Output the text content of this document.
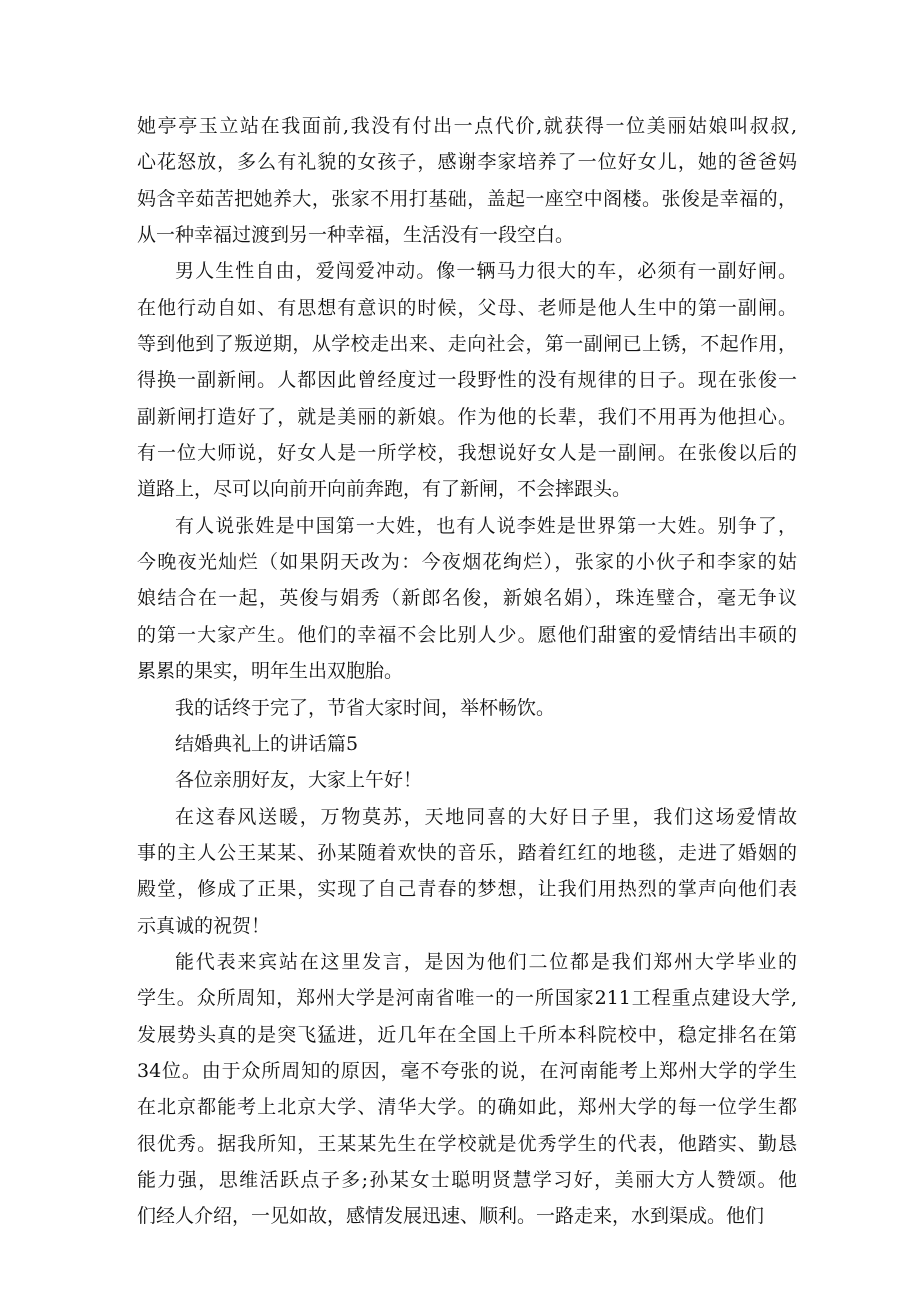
她亭亭玉立站在我面前,我没有付出一点代价,就获得一位美丽姑娘叫叔叔,
心花怒放，多么有礼貌的女孩子，感谢李家培养了一位好女儿，她的爸爸妈
妈含辛茹苦把她养大，张家不用打基础，盖起一座空中阁楼。张俊是幸福的，
从一种幸福过渡到另一种幸福，生活没有一段空白。
男人生性自由，爱闯爱冲动。像一辆马力很大的车，必须有一副好闸。
在他行动自如、有思想有意识的时候，父母、老师是他人生中的第一副闸。
等到他到了叛逆期，从学校走出来、走向社会，第一副闸已上锈，不起作用，
得换一副新闸。人都因此曾经度过一段野性的没有规律的日子。现在张俊一
副新闸打造好了，就是美丽的新娘。作为他的长辈，我们不用再为他担心。
有一位大师说，好女人是一所学校，我想说好女人是一副闸。在张俊以后的
道路上，尽可以向前开向前奔跑，有了新闸，不会摔跟头。
有人说张姓是中国第一大姓，也有人说李姓是世界第一大姓。别争了，
今晚夜光灿烂（如果阴天改为：今夜烟花绚烂），张家的小伙子和李家的姑
娘结合在一起，英俊与娟秀（新郎名俊，新娘名娟），珠连璧合，毫无争议
的第一大家产生。他们的幸福不会比别人少。愿他们甜蜜的爱情结出丰硕的
累累的果实，明年生出双胞胎。
我的话终于完了，节省大家时间，举杯畅饮。
结婚典礼上的讲话篇5
各位亲朋好友，大家上午好！
在这春风送暖，万物莫苏，天地同喜的大好日子里，我们这场爱情故
事的主人公王某某、孙某随着欢快的音乐，踏着红红的地毯，走进了婚姻的
殿堂，修成了正果，实现了自己青春的梦想，让我们用热烈的掌声向他们表
示真诚的祝贺！
能代表来宾站在这里发言，是因为他们二位都是我们郑州大学毕业的
学生。众所周知，郑州大学是河南省唯一的一所国家211工程重点建设大学,
发展势头真的是突飞猛进，近几年在全国上千所本科院校中，稳定排名在第
34位。由于众所周知的原因，毫不夸张的说，在河南能考上郑州大学的学生
在北京都能考上北京大学、清华大学。的确如此，郑州大学的每一位学生都
很优秀。据我所知，王某某先生在学校就是优秀学生的代表，他踏实、勤恳
能力强，思维活跃点子多;孙某女士聪明贤慧学习好，美丽大方人赞颂。他
们经人介绍，一见如故，感情发展迅速、顺利。一路走来，水到渠成。他们
